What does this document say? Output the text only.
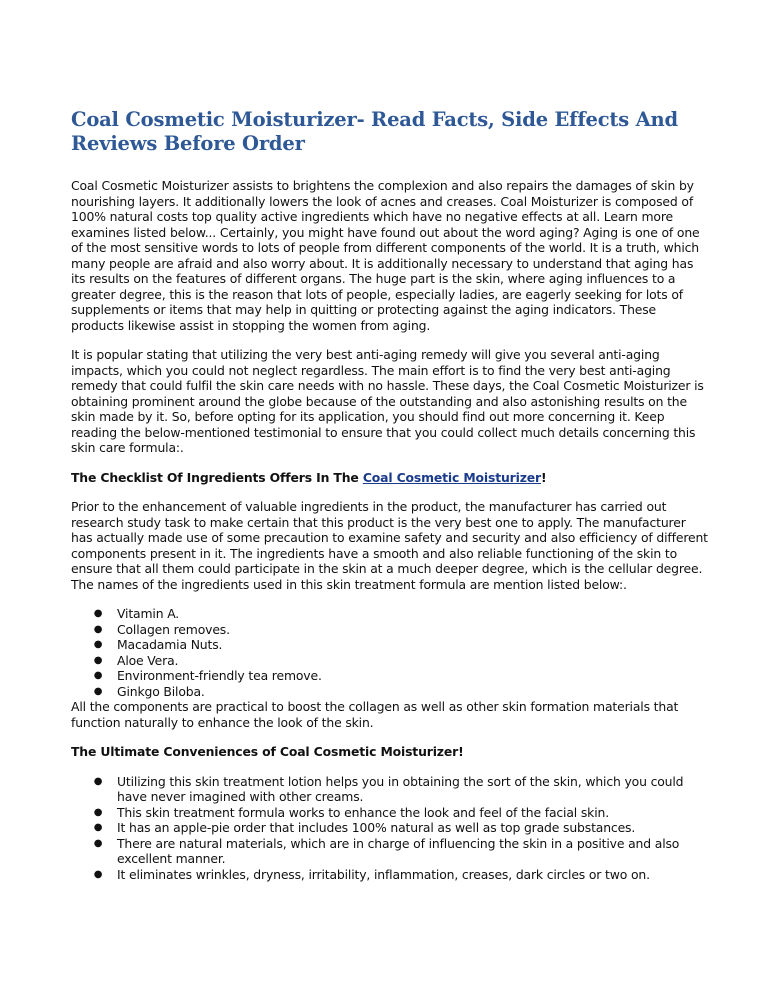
Coal Cosmetic Moisturizer- Read Facts, Side Effects And Reviews Before Order

Coal Cosmetic Moisturizer assists to brightens the complexion and also repairs the damages of skin by nourishing layers. It additionally lowers the look of acnes and creases. Coal Moisturizer is composed of 100% natural costs top quality active ingredients which have no negative effects at all. Learn more examines listed below... Certainly, you might have found out about the word aging? Aging is one of one of the most sensitive words to lots of people from different components of the world. It is a truth, which many people are afraid and also worry about. It is additionally necessary to understand that aging has its results on the features of different organs. The huge part is the skin, where aging influences to a greater degree, this is the reason that lots of people, especially ladies, are eagerly seeking for lots of supplements or items that may help in quitting or protecting against the aging indicators. These products likewise assist in stopping the women from aging.

It is popular stating that utilizing the very best anti-aging remedy will give you several anti-aging impacts, which you could not neglect regardless. The main effort is to find the very best anti-aging remedy that could fulfil the skin care needs with no hassle. These days, the Coal Cosmetic Moisturizer is obtaining prominent around the globe because of the outstanding and also astonishing results on the skin made by it. So, before opting for its application, you should find out more concerning it. Keep reading the below-mentioned testimonial to ensure that you could collect much details concerning this skin care formula:.

The Checklist Of Ingredients Offers In The Coal Cosmetic Moisturizer!

Prior to the enhancement of valuable ingredients in the product, the manufacturer has carried out research study task to make certain that this product is the very best one to apply. The manufacturer has actually made use of some precaution to examine safety and security and also efficiency of different components present in it. The ingredients have a smooth and also reliable functioning of the skin to ensure that all them could participate in the skin at a much deeper degree, which is the cellular degree. The names of the ingredients used in this skin treatment formula are mention listed below:.

● Vitamin A.
● Collagen removes.
● Macadamia Nuts.
● Aloe Vera.
● Environment-friendly tea remove.
● Ginkgo Biloba.

All the components are practical to boost the collagen as well as other skin formation materials that function naturally to enhance the look of the skin.

The Ultimate Conveniences of Coal Cosmetic Moisturizer!

● Utilizing this skin treatment lotion helps you in obtaining the sort of the skin, which you could have never imagined with other creams.
● This skin treatment formula works to enhance the look and feel of the facial skin.
● It has an apple-pie order that includes 100% natural as well as top grade substances.
● There are natural materials, which are in charge of influencing the skin in a positive and also excellent manner.
● It eliminates wrinkles, dryness, irritability, inflammation, creases, dark circles or two on.
